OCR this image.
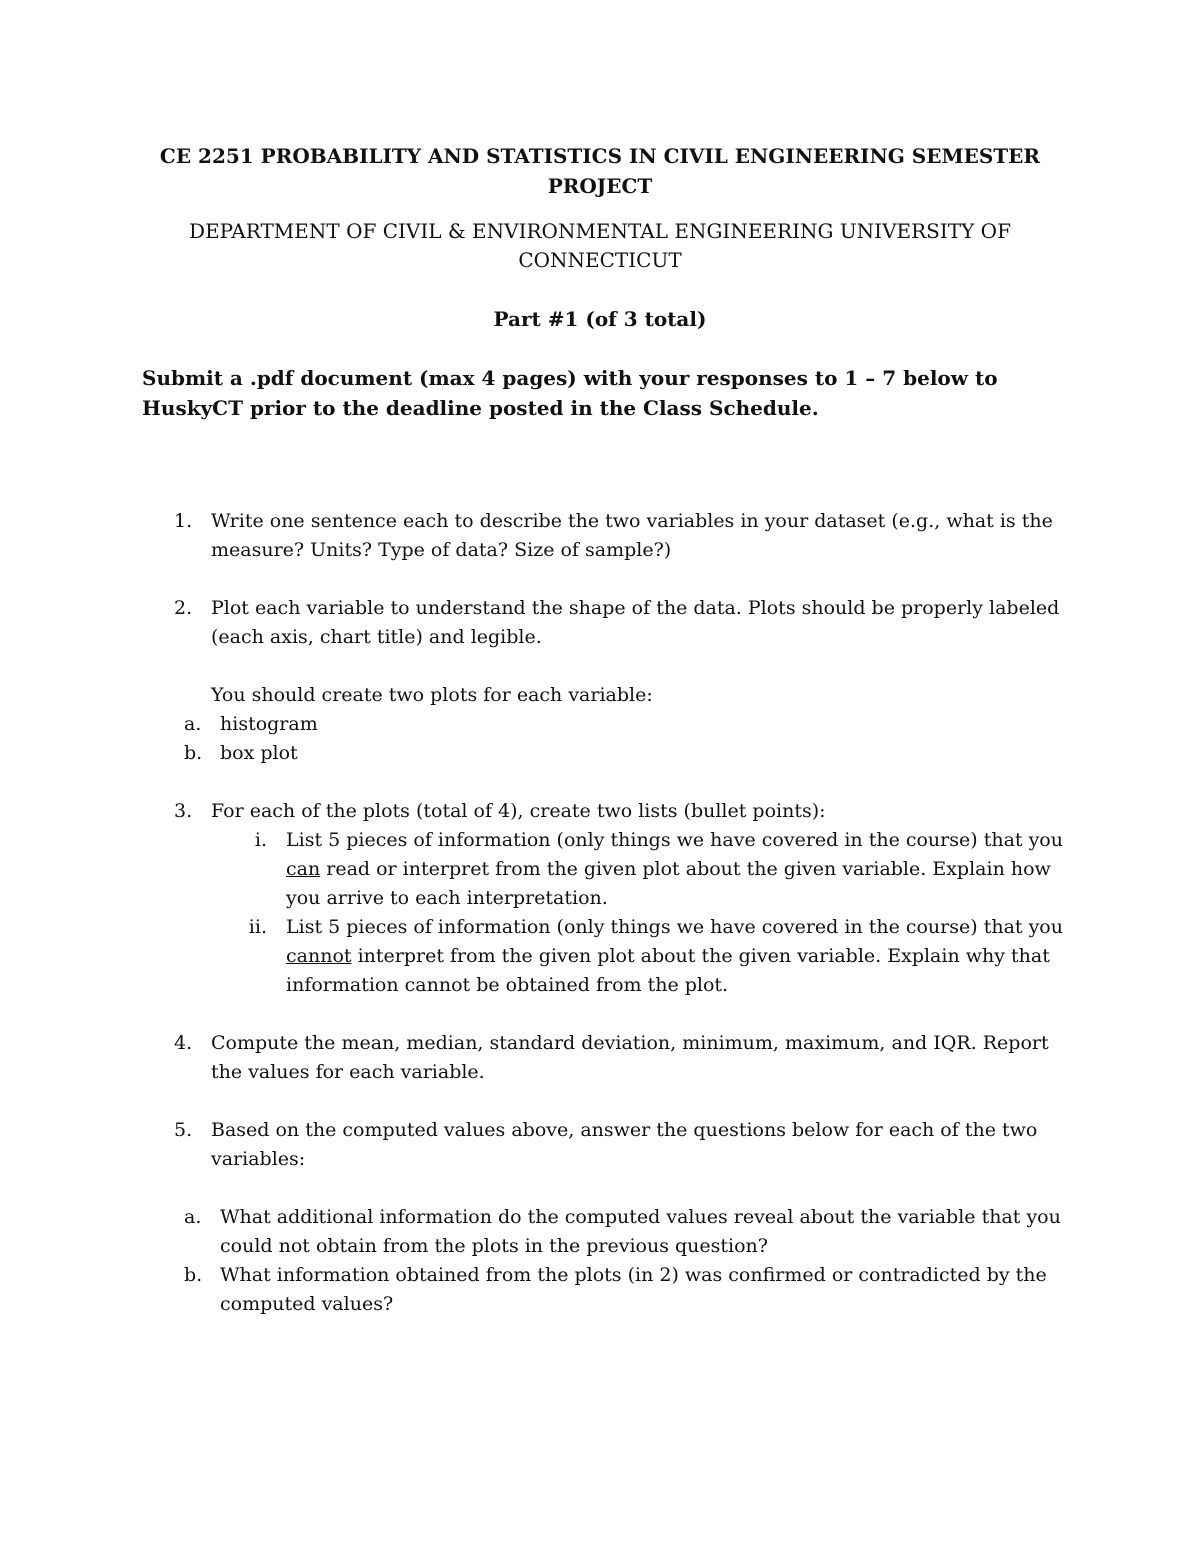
CE 2251 PROBABILITY AND STATISTICS IN CIVIL ENGINEERING SEMESTER PROJECT
DEPARTMENT OF CIVIL & ENVIRONMENTAL ENGINEERING UNIVERSITY OF CONNECTICUT
Part #1 (of 3 total)
Submit a .pdf document (max 4 pages) with your responses to 1 – 7 below to HuskyCT prior to the deadline posted in the Class Schedule.
1. Write one sentence each to describe the two variables in your dataset (e.g., what is the measure? Units? Type of data? Size of sample?)
2. Plot each variable to understand the shape of the data. Plots should be properly labeled (each axis, chart title) and legible.
You should create two plots for each variable:
a. histogram
b. box plot
3. For each of the plots (total of 4), create two lists (bullet points):
i. List 5 pieces of information (only things we have covered in the course) that you can read or interpret from the given plot about the given variable. Explain how you arrive to each interpretation.
ii. List 5 pieces of information (only things we have covered in the course) that you cannot interpret from the given plot about the given variable. Explain why that information cannot be obtained from the plot.
4. Compute the mean, median, standard deviation, minimum, maximum, and IQR. Report the values for each variable.
5. Based on the computed values above, answer the questions below for each of the two variables:
a. What additional information do the computed values reveal about the variable that you could not obtain from the plots in the previous question?
b. What information obtained from the plots (in 2) was confirmed or contradicted by the computed values?
